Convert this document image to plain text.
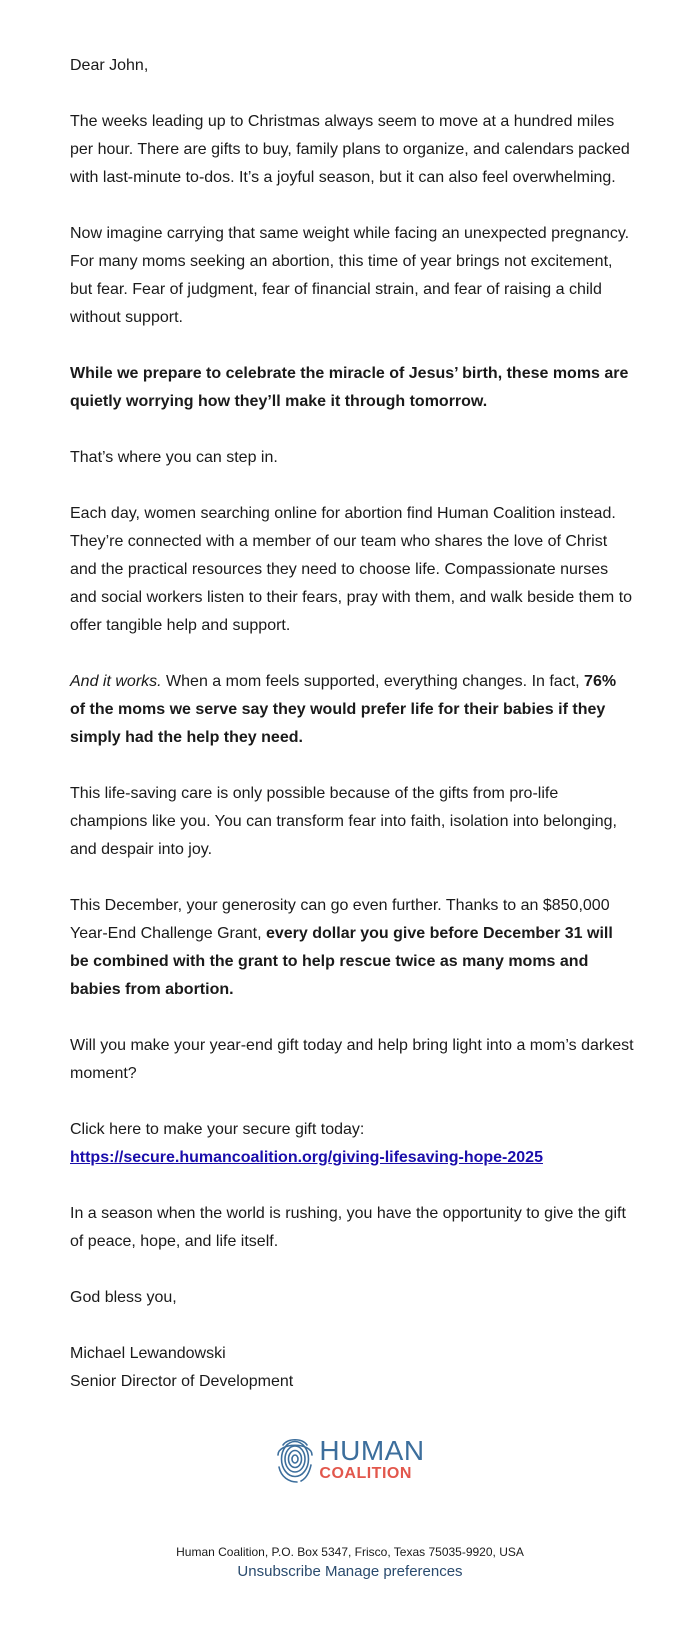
Dear John,

The weeks leading up to Christmas always seem to move at a hundred miles per hour. There are gifts to buy, family plans to organize, and calendars packed with last-minute to-dos. It’s a joyful season, but it can also feel overwhelming.

Now imagine carrying that same weight while facing an unexpected pregnancy. For many moms seeking an abortion, this time of year brings not excitement, but fear. Fear of judgment, fear of financial strain, and fear of raising a child without support.

While we prepare to celebrate the miracle of Jesus’ birth, these moms are quietly worrying how they’ll make it through tomorrow.

That’s where you can step in.

Each day, women searching online for abortion find Human Coalition instead. They’re connected with a member of our team who shares the love of Christ and the practical resources they need to choose life. Compassionate nurses and social workers listen to their fears, pray with them, and walk beside them to offer tangible help and support.

And it works. When a mom feels supported, everything changes. In fact, 76% of the moms we serve say they would prefer life for their babies if they simply had the help they need.

This life-saving care is only possible because of the gifts from pro-life champions like you. You can transform fear into faith, isolation into belonging, and despair into joy.

This December, your generosity can go even further. Thanks to an $850,000 Year-End Challenge Grant, every dollar you give before December 31 will be combined with the grant to help rescue twice as many moms and babies from abortion.

Will you make your year-end gift today and help bring light into a mom’s darkest moment?

Click here to make your secure gift today:
https://secure.humancoalition.org/giving-lifesaving-hope-2025

In a season when the world is rushing, you have the opportunity to give the gift of peace, hope, and life itself.

God bless you,

Michael Lewandowski
Senior Director of Development

HUMAN
COALITION
Human Coalition, P.O. Box 5347, Frisco, Texas 75035-9920, USA
Unsubscribe Manage preferences
